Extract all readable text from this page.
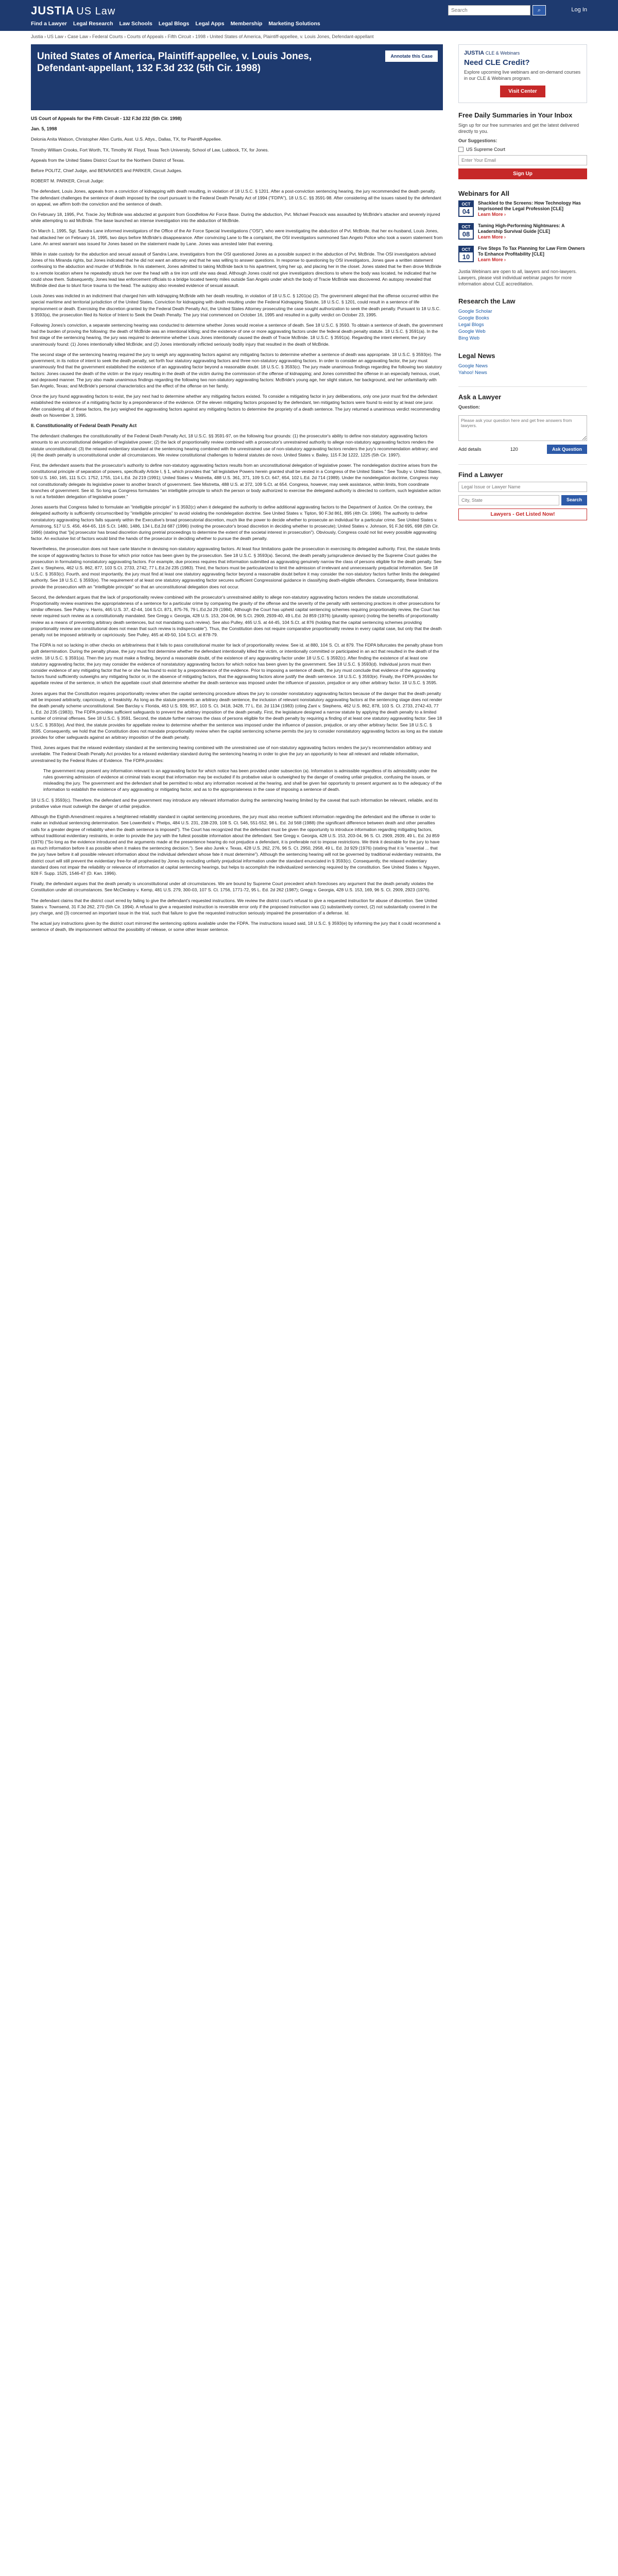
JUSTIA US Law
Search	⌕	Log In
Find a Lawyer Legal Research Law Schools Legal Blogs Legal Apps Membership Marketing Solutions
Justia › US Law › Case Law › Federal Courts › Courts of Appeals › Fifth Circuit › 1998 › United States of America, Plaintiff-appellee, v. Louis Jones, Defendant-appellant
United States of America, Plaintiff-appellee, v. Louis Jones, Defendant-appellant, 132 F.3d 232 (5th Cir. 1998)
Annotate this Case

US Court of Appeals for the Fifth Circuit - 132 F.3d 232 (5th Cir. 1998)

Jan. 5, 1998

Delonia Anita Watson, Christopher Allen Curtis, Asst. U.S. Attys., Dallas, TX, for Plaintiff-Appellee.

Timothy William Crooks, Fort Worth, TX, Timothy W. Floyd, Texas Tech University, School of Law, Lubbock, TX, for Jones.

Appeals from the United States District Court for the Northern District of Texas.

Before POLITZ, Chief Judge, and BENAVIDES and PARKER, Circuit Judges.

ROBERT M. PARKER, Circuit Judge:

The defendant, Louis Jones, appeals from a conviction of kidnapping with death resulting, in violation of 18 U.S.C. § 1201. After a post-conviction sentencing hearing, the jury recommended the death penalty. The defendant challenges the sentence of death imposed by the court pursuant to the Federal Death Penalty Act of 1994 ("FDPA"), 18 U.S.C. §§ 3591-98. After considering all the issues raised by the defendant on appeal, we affirm both the conviction and the sentence of death.

On February 18, 1995, Pvt. Tracie Joy McBride was abducted at gunpoint from Goodfellow Air Force Base. During the abduction, Pvt. Michael Peacock was assaulted by McBride's attacker and severely injured while attempting to aid McBride. The base launched an intense investigation into the abduction of McBride.

On March 1, 1995, Sgt. Sandra Lane informed investigators of the Office of the Air Force Special Investigations ("OSI"), who were investigating the abduction of Pvt. McBride, that her ex-husband, Louis Jones, had attacked her on February 16, 1995, two days before McBride's disappearance. After convincing Lane to file a complaint, the OSI investigators summoned San Angelo Police who took a sworn statement from Lane. An arrest warrant was issued for Jones based on the statement made by Lane. Jones was arrested later that evening.

While in state custody for the abduction and sexual assault of Sandra Lane, investigators from the OSI questioned Jones as a possible suspect in the abduction of Pvt. McBride. The OSI investigators advised Jones of his Miranda rights, but Jones indicated that he did not want an attorney and that he was willing to answer questions. In response to questioning by OSI investigators, Jones gave a written statement confessing to the abduction and murder of McBride. In his statement, Jones admitted to taking McBride back to his apartment, tying her up, and placing her in the closet. Jones stated that he then drove McBride to a remote location where he repeatedly struck her over the head with a tire iron until she was dead. Although Jones could not give investigators directions to where the body was located, he indicated that he could show them. Subsequently, Jones lead law enforcement officials to a bridge located twenty miles outside San Angelo under which the body of Tracie McBride was discovered. An autopsy revealed that McBride died due to blunt force trauma to the head. The autopsy also revealed evidence of sexual assault.

Louis Jones was indicted in an indictment that charged him with kidnapping McBride with her death resulting, in violation of 18 U.S.C. § 1201(a) (2). The government alleged that the offense occurred within the special maritime and territorial jurisdiction of the United States. Conviction for kidnapping with death resulting under the Federal Kidnapping Statute, 18 U.S.C. § 1201, could result in a sentence of life imprisonment or death. Exercising the discretion granted by the Federal Death Penalty Act, the United States Attorney prosecuting the case sought authorization to seek the death penalty. Pursuant to 18 U.S.C. § 3593(a), the prosecution filed its Notice of Intent to Seek the Death Penalty. The jury trial commenced on October 16, 1995 and resulted in a guilty verdict on October 23, 1995.

Following Jones's conviction, a separate sentencing hearing was conducted to determine whether Jones would receive a sentence of death. See 18 U.S.C. § 3593. To obtain a sentence of death, the government had the burden of proving the following: the death of McBride was an intentional killing; and the existence of one or more aggravating factors under the federal death penalty statute. 18 U.S.C. § 3591(a). In the first stage of the sentencing hearing, the jury was required to determine whether Louis Jones intentionally caused the death of Tracie McBride. 18 U.S.C. § 3591(a). Regarding the intent element, the jury unanimously found: (1) Jones intentionally killed McBride; and (2) Jones intentionally inflicted seriously bodily injury that resulted in the death of McBride.

The second stage of the sentencing hearing required the jury to weigh any aggravating factors against any mitigating factors to determine whether a sentence of death was appropriate. 18 U.S.C. § 3593(e). The government, in its notice of intent to seek the death penalty, set forth four statutory aggravating factors and three non-statutory aggravating factors. In order to consider an aggravating factor, the jury must unanimously find that the government established the existence of an aggravating factor beyond a reasonable doubt. 18 U.S.C. § 3593(c). The jury made unanimous findings regarding the following two statutory factors: Jones caused the death of the victim or the injury resulting in the death of the victim during the commission of the offense of kidnapping; and Jones committed the offense in an especially heinous, cruel, and depraved manner. The jury also made unanimous findings regarding the following two non-statutory aggravating factors: McBride's young age, her slight stature, her background, and her unfamiliarity with San Angelo, Texas; and McBride's personal characteristics and the effect of the offense on her family.

Once the jury found aggravating factors to exist, the jury next had to determine whether any mitigating factors existed. To consider a mitigating factor in jury deliberations, only one juror must find the defendant established the existence of a mitigating factor by a preponderance of the evidence. Of the eleven mitigating factors proposed by the defendant, ten mitigating factors were found to exist by at least one juror. After considering all of these factors, the jury weighed the aggravating factors against any mitigating factors to determine the propriety of a death sentence. The jury returned a unanimous verdict recommending death on November 3, 1995.

II. Constitutionality of Federal Death Penalty Act

The defendant challenges the constitutionality of the Federal Death Penalty Act, 18 U.S.C. §§ 3591-97, on the following four grounds: (1) the prosecutor's ability to define non-statutory aggravating factors amounts to an unconstitutional delegation of legislative power; (2) the lack of proportionality review combined with a prosecutor's unrestrained authority to allege non-statutory aggravating factors renders the statute unconstitutional; (3) the relaxed evidentiary standard at the sentencing hearing combined with the unrestrained use of non-statutory aggravating factors renders the jury's recommendation arbitrary; and (4) the death penalty is unconstitutional under all circumstances. We review constitutional challenges to federal statutes de novo. United States v. Bailey, 115 F.3d 1222, 1225 (5th Cir. 1997).

First, the defendant asserts that the prosecutor's authority to define non-statutory aggravating factors results from an unconstitutional delegation of legislative power. The nondelegation doctrine arises from the constitutional principle of separation of powers, specifically Article I, § 1, which provides that "all legislative Powers herein granted shall be vested in a Congress of the United States." See Touby v. United States, 500 U.S. 160, 165, 111 S.Ct. 1752, 1755, 114 L.Ed. 2d 219 (1991); United States v. Mistretta, 488 U.S. 361, 371, 109 S.Ct. 647, 654, 102 L.Ed. 2d 714 (1989). Under the nondelegation doctrine, Congress may not constitutionally delegate its legislative power to another branch of government. See Mistretta, 488 U.S. at 372, 109 S.Ct. at 654. Congress, however, may seek assistance, within limits, from coordinate branches of government. See id. So long as Congress formulates "an intelligible principle to which the person or body authorized to exercise the delegated authority is directed to conform, such legislative action is not a forbidden delegation of legislative power."

Jones asserts that Congress failed to formulate an "intelligible principle" in § 3592(c) when it delegated the authority to define additional aggravating factors to the Department of Justice. On the contrary, the delegated authority is sufficiently circumscribed by "intelligible principles" to avoid violating the nondelegation doctrine. See United States v. Tipton, 90 F.3d 861, 895 (4th Cir. 1996). The authority to define nonstatutory aggravating factors falls squarely within the Executive's broad prosecutorial discretion, much like the power to decide whether to prosecute an individual for a particular crime. See United States v. Armstrong, 517 U.S. 456, 464-65, 116 S.Ct. 1480, 1486, 134 L.Ed.2d 687 (1996) (noting the prosecutor's broad discretion in deciding whether to prosecute); United States v. Johnson, 91 F.3d 695, 698 (5th Cir. 1996) (stating that "[a] prosecutor has broad discretion during pretrial proceedings to determine the extent of the societal interest in prosecution"). Obviously, Congress could not list every possible aggravating factor. An exclusive list of factors would bind the hands of the prosecutor in deciding whether to pursue the death penalty.

Nevertheless, the prosecution does not have carte blanche in devising non-statutory aggravating factors. At least four limitations guide the prosecution in exercising its delegated authority. First, the statute limits the scope of aggravating factors to those for which prior notice has been given by the prosecution. See 18 U.S.C. § 3593(a). Second, the death penalty jurisprudence devised by the Supreme Court guides the prosecution in formulating nonstatutory aggravating factors. For example, due process requires that information submitted as aggravating genuinely narrow the class of persons eligible for the death penalty. See Zant v. Stephens, 462 U.S. 862, 877, 103 S.Ct. 2733, 2742, 77 L.Ed.2d 235 (1983). Third, the factors must be particularized to limit the admission of irrelevant and unnecessarily prejudicial information. See 18 U.S.C. § 3593(c). Fourth, and most importantly, the jury must find at least one statutory aggravating factor beyond a reasonable doubt before it may consider the non-statutory factors further limits the delegated authority. See 18 U.S.C. § 3593(e). The requirement of at least one statutory aggravating factor secures sufficient Congressional guidance in classifying death-eligible offenders. Consequently, these limitations provide the prosecution with an "intelligible principle" so that an unconstitutional delegation does not occur.

Second, the defendant argues that the lack of proportionality review combined with the prosecutor's unrestrained ability to allege non-statutory aggravating factors renders the statute unconstitutional. Proportionality review examines the appropriateness of a sentence for a particular crime by comparing the gravity of the offense and the severity of the penalty with sentencing practices in other prosecutions for similar offenses. See Pulley v. Harris, 465 U.S. 37, 42-44, 104 S.Ct. 871, 875-76, 79 L.Ed.2d 29 (1984). Although the Court has upheld capital sentencing schemes requiring proportionality review, the Court has never required such review as a constitutionally mandated. See Gregg v. Georgia, 428 U.S. 153, 204-06, 96 S.Ct. 2909, 2939-40, 49 L.Ed. 2d 859 (1976) (plurality opinion) (noting the benefits of proportionality review as a means of preventing arbitrary death sentences, but not mandating such review). See also Pulley, 465 U.S. at 44-45, 104 S.Ct. at 876 (holding that the capital sentencing schemes providing proportionality review are constitutional does not mean that such review is indispensable"). Thus, the Constitution does not require comparative proportionality review in every capital case, but only that the death penalty not be imposed arbitrarily or capriciously. See Pulley, 465 at 49-50, 104 S.Ct. at 878-79.

The FDPA is not so lacking in other checks on arbitrariness that it fails to pass constitutional muster for lack of proportionality review. See id. at 880, 104 S. Ct. at 879. The FDPA bifurcates the penalty phase from guilt determination. During the penalty phase, the jury must first determine whether the defendant intentionally killed the victim, or intentionally committed or participated in an act that resulted in the death of the victim. 18 U.S.C. § 3591(a). Then the jury must make a finding, beyond a reasonable doubt, of the existence of any aggravating factor under 18 U.S.C. § 3592(c). After finding the existence of at least one statutory aggravating factor, the jury may consider the evidence of nonstatutory aggravating factors for which notice has been given by the government. See 18 U.S.C. § 3593(d). Individual jurors must then consider evidence of any mitigating factor that he or she has found to exist by a preponderance of the evidence. Prior to imposing a sentence of death, the jury must conclude that evidence of the aggravating factors found sufficiently outweighs any mitigating factor or, in the absence of mitigating factors, that the aggravating factors alone justify the death sentence. 18 U.S.C. § 3593(e). Finally, the FDPA provides for appellate review of the sentence, in which the appellate court shall determine whether the death sentence was imposed under the influence of passion, prejudice or any other arbitrary factor. 18 U.S.C. § 3595.

Jones argues that the Constitution requires proportionality review when the capital sentencing procedure allows the jury to consider nonstatutory aggravating factors because of the danger that the death penalty will be imposed arbitrarily, capriciously, or freakishly. As long as the statute prevents an arbitrary death sentence, the inclusion of relevant nonstatutory aggravating factors at the sentencing stage does not render the death penalty scheme unconstitutional. See Barclay v. Florida, 463 U.S. 939, 957, 103 S. Ct. 3418, 3428, 77 L. Ed. 2d 1134 (1983) (citing Zant v. Stephens, 462 U.S. 862, 878, 103 S. Ct. 2733, 2742-43, 77 L. Ed. 2d 235 (1983)). The FDPA provides sufficient safeguards to prevent the arbitrary imposition of the death penalty. First, the legislature designed a narrow statute by applying the death penalty to a limited number of criminal offenses. See 18 U.S.C. § 3591. Second, the statute further narrows the class of persons eligible for the death penalty by requiring a finding of at least one statutory aggravating factor. See 18 U.S.C. § 3593(e). And third, the statute provides for appellate review to determine whether the sentence was imposed under the influence of passion, prejudice, or any other arbitrary factor. See 18 U.S.C. § 3595. Consequently, we hold that the Constitution does not mandate proportionality review when the capital sentencing scheme permits the jury to consider nonstatutory aggravating factors as long as the statute provides for other safeguards against an arbitrary imposition of the death penalty.

Third, Jones argues that the relaxed evidentiary standard at the sentencing hearing combined with the unrestrained use of non-statutory aggravating factors renders the jury's recommendation arbitrary and unreliable. The Federal Death Penalty Act provides for a relaxed evidentiary standard during the sentencing hearing in order to give the jury an opportunity to hear all relevant and reliable information, unrestrained by the Federal Rules of Evidence. The FDPA provides:

The government may present any information relevant to an aggravating factor for which notice has been provided under subsection (a). Information is admissible regardless of its admissibility under the rules governing admission of evidence at criminal trials except that information may be excluded if its probative value is outweighed by the danger of creating unfair prejudice, confusing the issues, or misleading the jury. The government and the defendant shall be permitted to rebut any information received at the hearing, and shall be given fair opportunity to present argument as to the adequacy of the information to establish the existence of any aggravating or mitigating factor, and as to the appropriateness in the case of imposing a sentence of death.

18 U.S.C. § 3593(c). Therefore, the defendant and the government may introduce any relevant information during the sentencing hearing limited by the caveat that such information be relevant, reliable, and its probative value must outweigh the danger of unfair prejudice.

Although the Eighth Amendment requires a heightened reliability standard in capital sentencing procedures, the jury must also receive sufficient information regarding the defendant and the offense in order to make an individual sentencing determination. See Lowenfield v. Phelps, 484 U.S. 231, 238-239, 108 S. Ct. 546, 551-552, 98 L. Ed. 2d 568 (1988) (the significant difference between death and other penalties calls for a greater degree of reliability when the death sentence is imposed"). The Court has recognized that the defendant must be given the opportunity to introduce information regarding mitigating factors, without traditional evidentiary restraints, in order to provide the jury with the fullest possible information about the defendant. See Gregg v. Georgia, 428 U.S. 153, 203-04, 96 S. Ct. 2909, 2939, 49 L. Ed. 2d 859 (1976) ("So long as the evidence introduced and the arguments made at the presentence hearing do not prejudice a defendant, it is preferable not to impose restrictions. We think it desirable for the jury to have as much information before it as possible when it makes the sentencing decision."). See also Jurek v. Texas, 428 U.S. 262, 276, 96 S. Ct. 2950, 2958, 49 L. Ed. 2d 929 (1976) (stating that it is "essential ... that the jury have before it all possible relevant information about the individual defendant whose fate it must determine"). Although the sentencing hearing will not be governed by traditional evidentiary restraints, the district court will still prevent the evidentiary free-for-all prophesied by Jones by excluding unfairly prejudicial information under the standard enunciated in § 3593(c). Consequently, the relaxed evidentiary standard does not impair the reliability or relevance of information at capital sentencing hearings, but helps to accomplish the individualized sentencing required by the constitution. See United States v. Nguyen, 928 F. Supp. 1525, 1546-47 (D. Kan. 1996).

Finally, the defendant argues that the death penalty is unconstitutional under all circumstances. We are bound by Supreme Court precedent which forecloses any argument that the death penalty violates the Constitution under all circumstances. See McCleskey v. Kemp, 481 U.S. 279, 300-03, 107 S. Ct. 1756, 1771-72, 95 L. Ed. 2d 262 (1987); Gregg v. Georgia, 428 U.S. 153, 169, 96 S. Ct. 2909, 2923 (1976).

The defendant claims that the district court erred by failing to give the defendant's requested instructions. We review the district court's refusal to give a requested instruction for abuse of discretion. See United States v. Townsend, 31 F.3d 262, 270 (5th Cir. 1994). A refusal to give a requested instruction is reversible error only if the proposed instruction was (1) substantively correct, (2) not substantially covered in the jury charge, and (3) concerned an important issue in the trial, such that failure to give the requested instruction seriously impaired the presentation of a defense. Id.

The actual jury instructions given by the district court mirrored the sentencing options available under the FDPA. The instructions issued said, 18 U.S.C. § 3593(e) by informing the jury that it could recommend a sentence of death, life imprisonment without the possibility of release, or some other lesser sentence.

JUSTIA CLE & Webinars
Need CLE Credit?
Explore upcoming live webinars and on-demand courses in our CLE & Webinars program.
Visit Center
Free Daily Summaries in Your Inbox
Sign up for our free summaries and get the latest delivered directly to you.
Our Suggestions:
US Supreme Court
Enter Your Email
Sign Up
Webinars for All
OCT
04
Shackled to the Screens: How Technology Has Imprisoned the Legal Profession [CLE]
Learn More ›
OCT
08
Taming High-Performing Nightmares: A Leadership Survival Guide [CLE]
Learn More ›
OCT
10
Five Steps To Tax Planning for Law Firm Owners To Enhance Profitability [CLE]
Learn More ›
Justia Webinars are open to all, lawyers and non-lawyers. Lawyers, please visit individual webinar pages for more information about CLE accreditation.
Research the Law
Google Scholar
Google Books
Legal Blogs
Google Web
Bing Web
Legal News
Google News
Yahoo! News
Ask a Lawyer
Question:
Please ask your question here and get free answers from lawyers.
Add details	120	Ask Question
Find a Lawyer
Legal Issue or Lawyer Name
City, State
Search
Lawyers - Get Listed Now!
